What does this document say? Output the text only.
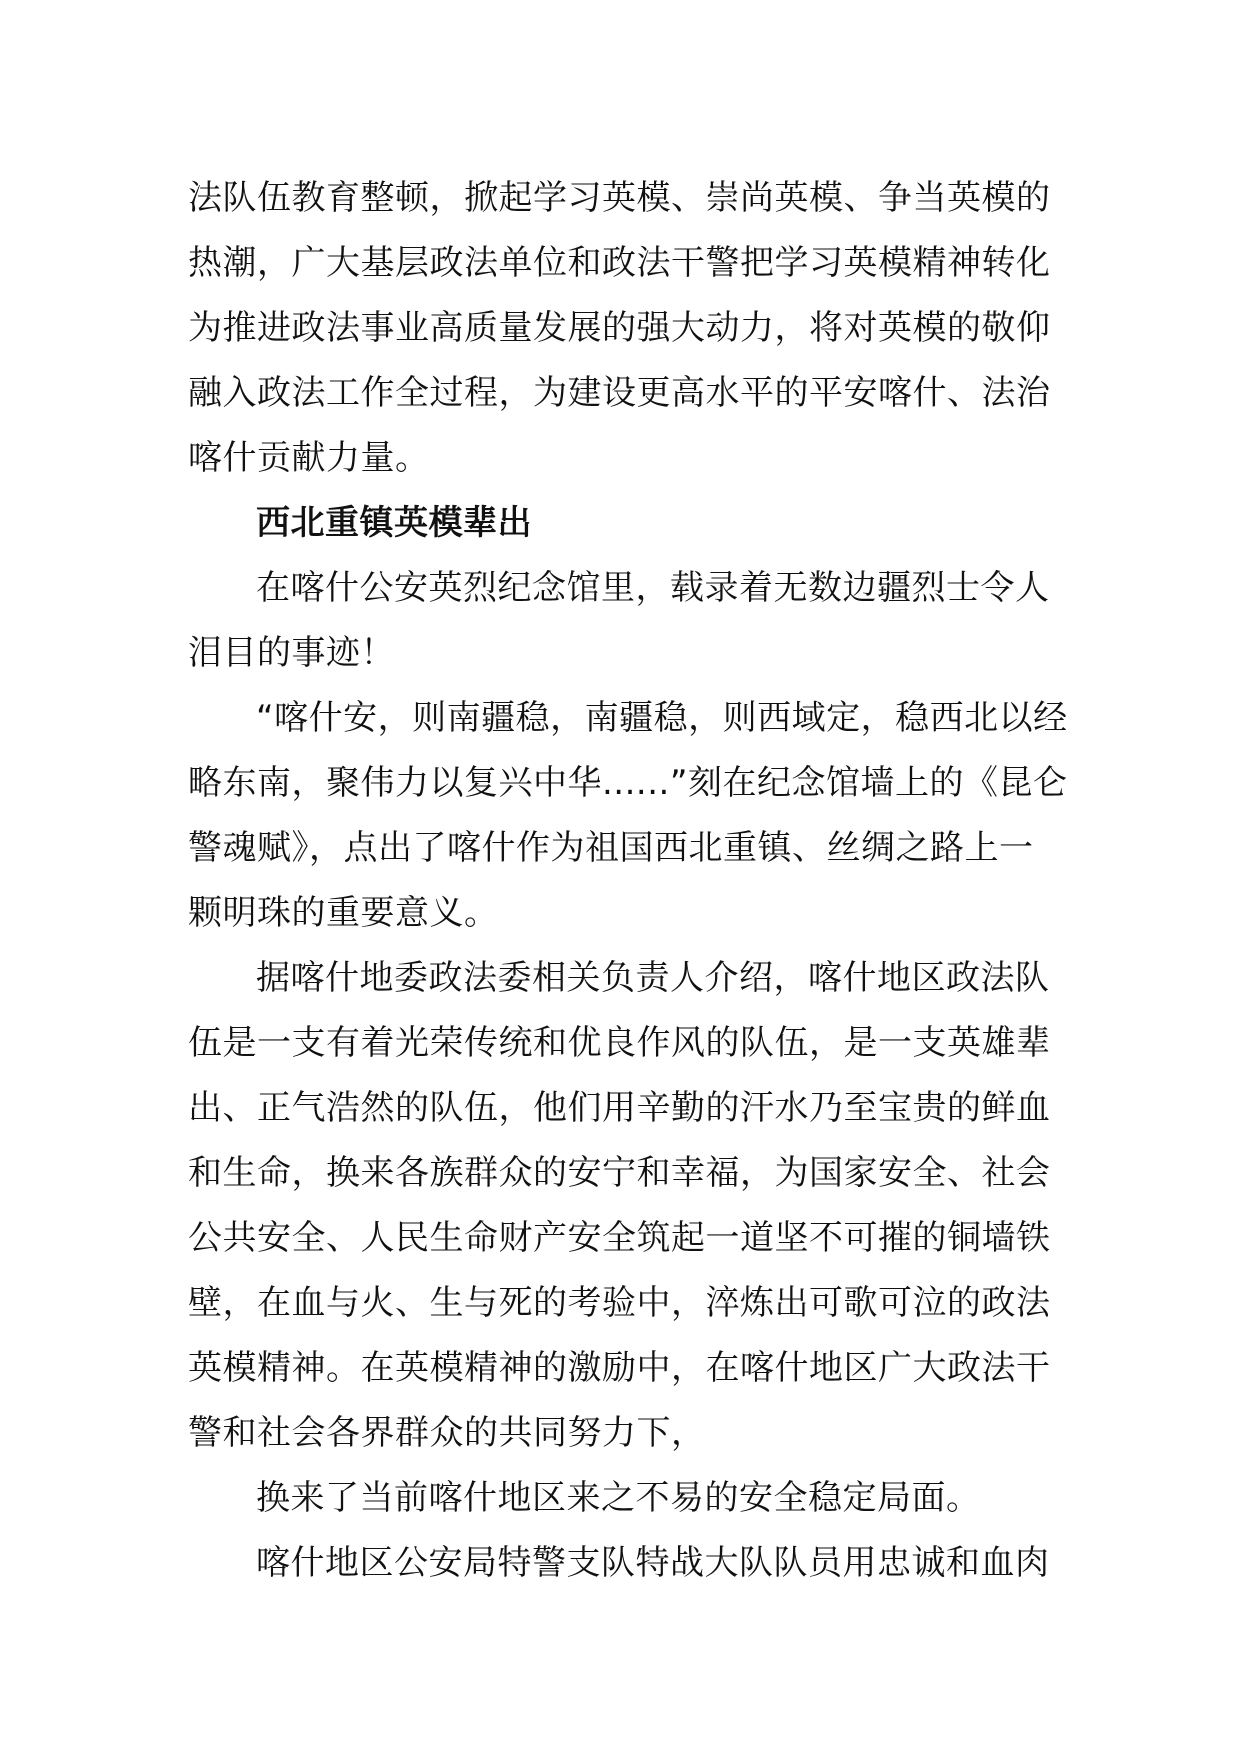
法队伍教育整顿，掀起学习英模、崇尚英模、争当英模的
热潮，广大基层政法单位和政法干警把学习英模精神转化
为推进政法事业高质量发展的强大动力，将对英模的敬仰
融入政法工作全过程，为建设更高水平的平安喀什、法治
喀什贡献力量。
西北重镇英模辈出
在喀什公安英烈纪念馆里，载录着无数边疆烈士令人
泪目的事迹！
“喀什安，则南疆稳，南疆稳，则西域定，稳西北以经
略东南，聚伟力以复兴中华......”刻在纪念馆墙上的《昆仑
警魂赋》，点出了喀什作为祖国西北重镇、丝绸之路上一
颗明珠的重要意义。
据喀什地委政法委相关负责人介绍，喀什地区政法队
伍是一支有着光荣传统和优良作风的队伍，是一支英雄辈
出、正气浩然的队伍，他们用辛勤的汗水乃至宝贵的鲜血
和生命，换来各族群众的安宁和幸福，为国家安全、社会
公共安全、人民生命财产安全筑起一道坚不可摧的铜墙铁
壁，在血与火、生与死的考验中，淬炼出可歌可泣的政法
英模精神。在英模精神的激励中，在喀什地区广大政法干
警和社会各界群众的共同努力下，
换来了当前喀什地区来之不易的安全稳定局面。
喀什地区公安局特警支队特战大队队员用忠诚和血肉
